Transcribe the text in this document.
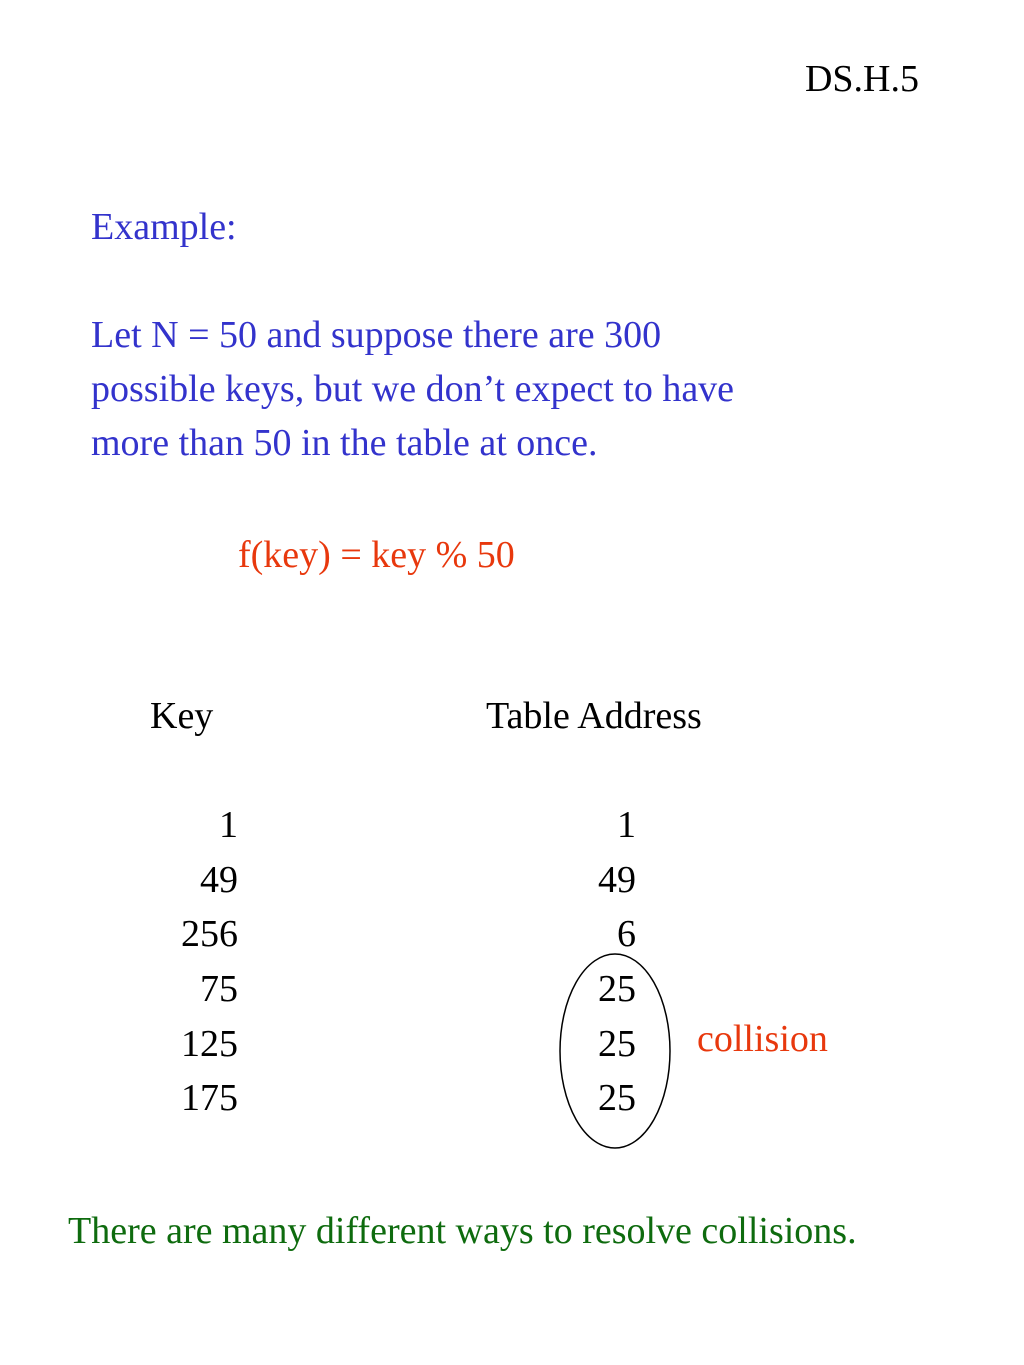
DS.H.5
Example:
Let N = 50 and suppose there are 300
possible keys, but we don’t expect to have
more than 50 in the table at once.
f(key) = key % 50
Key	Table Address
1	1
49	49
256	6
75	25
125	25
175	25
collision
There are many different ways to resolve collisions.
